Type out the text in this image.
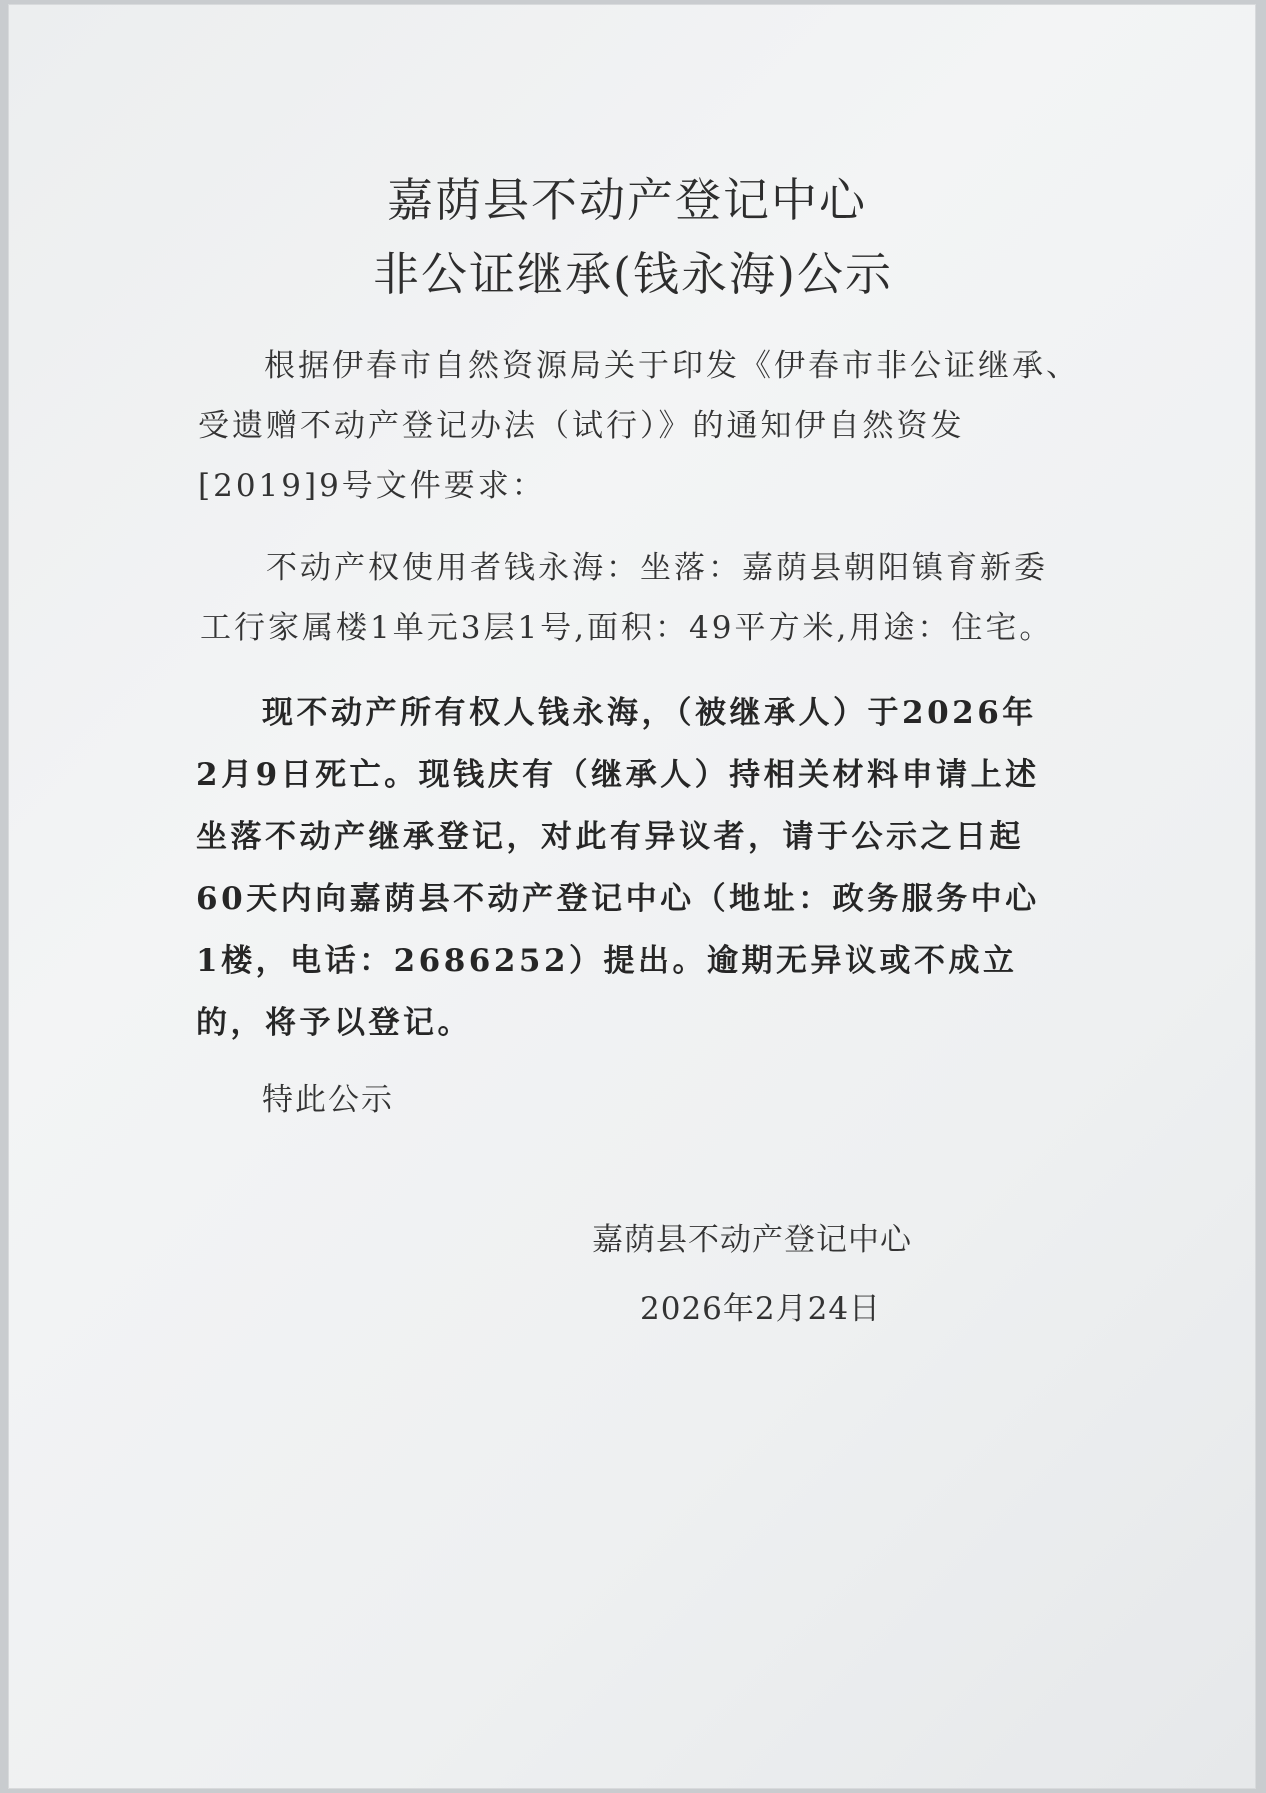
嘉荫县不动产登记中心
非公证继承(钱永海)公示

根据伊春市自然资源局关于印发《伊春市非公证继承、受遗赠不动产登记办法（试行）》的通知伊自然资发[2019]9号文件要求：

不动产权使用者钱永海：坐落：嘉荫县朝阳镇育新委工行家属楼1单元3层1号,面积：49平方米,用途：住宅。

现不动产所有权人钱永海，（被继承人）于2026年2月9日死亡。现钱庆有（继承人）持相关材料申请上述坐落不动产继承登记，对此有异议者，请于公示之日起60天内向嘉荫县不动产登记中心（地址：政务服务中心1楼，电话：2686252）提出。逾期无异议或不成立的，将予以登记。

特此公示
嘉荫县不动产登记中心
2026年2月24日
